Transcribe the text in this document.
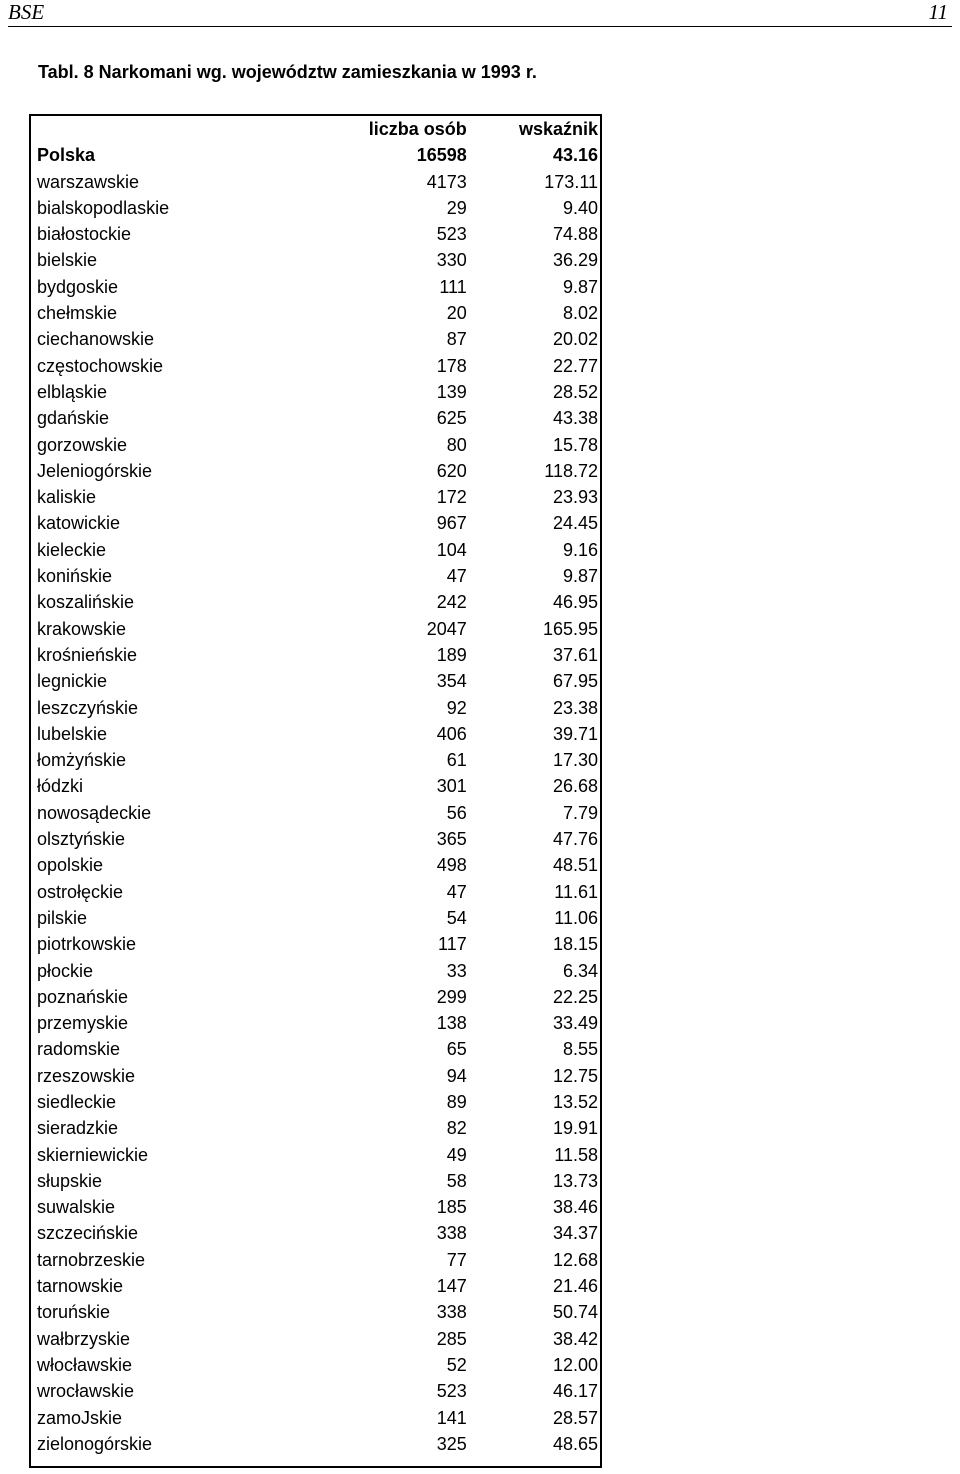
BSE	11
Tabl. 8 Narkomani wg. województw zamieszkania w 1993 r.
	liczba osób	wskaźnik
Polska	16598	43.16
warszawskie	4173	173.11
bialskopodlaskie	29	9.40
białostockie	523	74.88
bielskie	330	36.29
bydgoskie	111	9.87
chełmskie	20	8.02
ciechanowskie	87	20.02
częstochowskie	178	22.77
elbląskie	139	28.52
gdańskie	625	43.38
gorzowskie	80	15.78
Jeleniogórskie	620	118.72
kaliskie	172	23.93
katowickie	967	24.45
kieleckie	104	9.16
konińskie	47	9.87
koszalińskie	242	46.95
krakowskie	2047	165.95
krośnieńskie	189	37.61
legnickie	354	67.95
leszczyńskie	92	23.38
lubelskie	406	39.71
łomżyńskie	61	17.30
łódzki	301	26.68
nowosądeckie	56	7.79
olsztyńskie	365	47.76
opolskie	498	48.51
ostrołęckie	47	11.61
pilskie	54	11.06
piotrkowskie	117	18.15
płockie	33	6.34
poznańskie	299	22.25
przemyskie	138	33.49
radomskie	65	8.55
rzeszowskie	94	12.75
siedleckie	89	13.52
sieradzkie	82	19.91
skierniewickie	49	11.58
słupskie	58	13.73
suwalskie	185	38.46
szczecińskie	338	34.37
tarnobrzeskie	77	12.68
tarnowskie	147	21.46
toruńskie	338	50.74
wałbrzyskie	285	38.42
włocławskie	52	12.00
wrocławskie	523	46.17
zamoJskie	141	28.57
zielonogórskie	325	48.65
